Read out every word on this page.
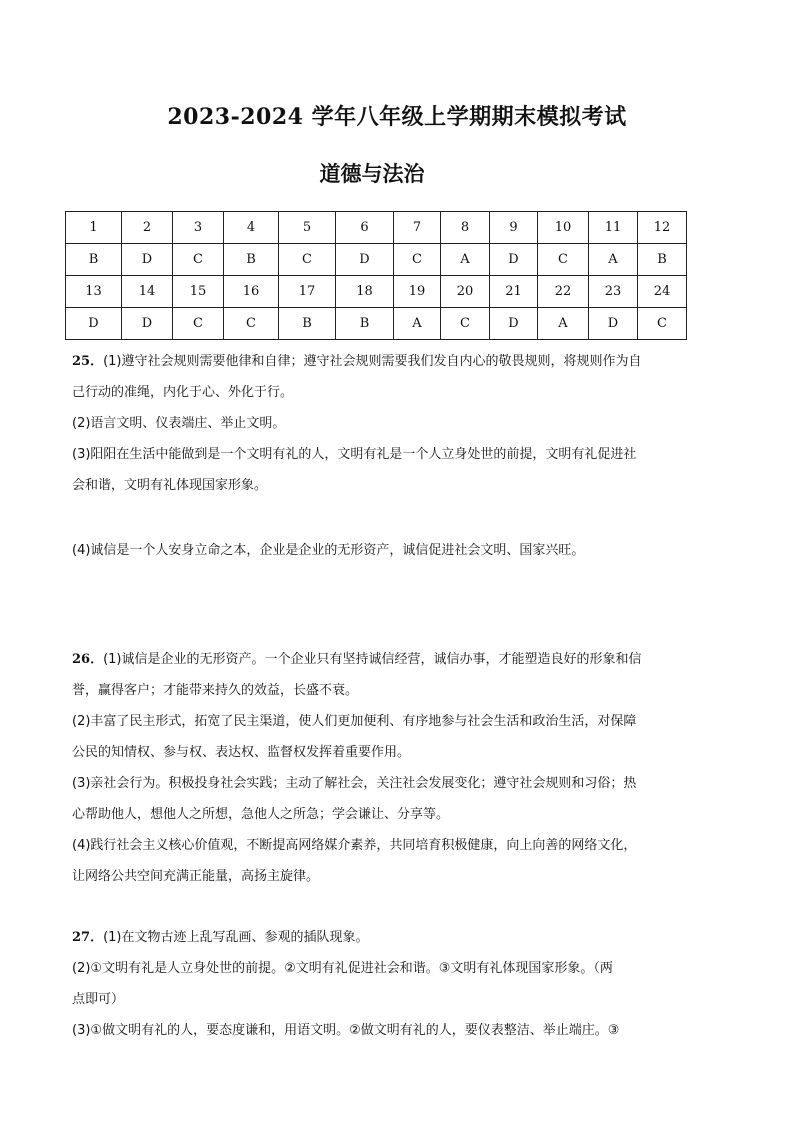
2023-2024 学年八年级上学期期末模拟考试
道德与法治
1	2	3	4	5	6	7	8	9	10	11	12
B	D	C	B	C	D	C	A	D	C	A	B
13	14	15	16	17	18	19	20	21	22	23	24
D	D	C	C	B	B	A	C	D	A	D	C

25．(1)遵守社会规则需要他律和自律；遵守社会规则需要我们发自内心的敬畏规则，将规则作为自

己行动的准绳，内化于心、外化于行。

(2)语言文明、仪表端庄、举止文明。

(3)阳阳在生活中能做到是一个文明有礼的人，文明有礼是一个人立身处世的前提，文明有礼促进社

会和谐，文明有礼体现国家形象。

(4)诚信是一个人安身立命之本，企业是企业的无形资产，诚信促进社会文明、国家兴旺。

26．(1)诚信是企业的无形资产。一个企业只有坚持诚信经营，诚信办事，才能塑造良好的形象和信

誉，赢得客户；才能带来持久的效益，长盛不衰。

(2)丰富了民主形式，拓宽了民主渠道，使人们更加便利、有序地参与社会生活和政治生活，对保障

公民的知情权、参与权、表达权、监督权发挥着重要作用。

(3)亲社会行为。积极投身社会实践；主动了解社会，关注社会发展变化；遵守社会规则和习俗；热

心帮助他人，想他人之所想，急他人之所急；学会谦让、分享等。

(4)践行社会主义核心价值观，不断提高网络媒介素养，共同培育积极健康，向上向善的网络文化，

让网络公共空间充满正能量，高扬主旋律。

27．(1)在文物古迹上乱写乱画、参观的插队现象。

(2)①文明有礼是人立身处世的前提。②文明有礼促进社会和谐。③文明有礼体现国家形象。（两

点即可）

(3)①做文明有礼的人，要态度谦和，用语文明。②做文明有礼的人，要仪表整洁、举止端庄。③
